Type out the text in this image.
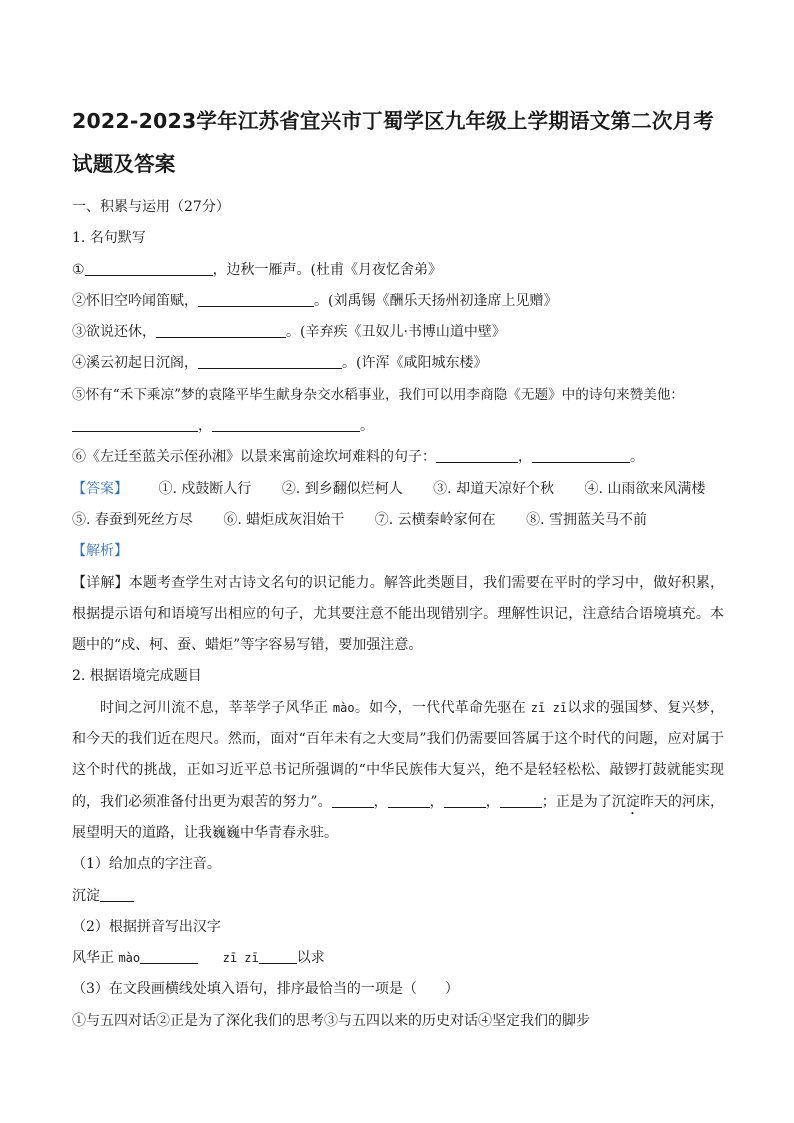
2022-2023学年江苏省宜兴市丁蜀学区九年级上学期语文第二次月考
试题及答案
一、积累与运用（27分）
1. 名句默写
①	，边秋一雁声。(杜甫《月夜忆舍弟》
②怀旧空吟闻笛赋，	。(刘禹锡《酬乐天扬州初逢席上见赠》
③欲说还休，	。(辛弃疾《丑奴儿·书博山道中壁》
④溪云初起日沉阁，	。(许浑《咸阳城东楼》
⑤怀有“禾下乘凉”梦的袁隆平毕生献身杂交水稻事业，我们可以用李商隐《无题》中的诗句来赞美他：
，	。
⑥《左迁至蓝关示侄孙湘》以景来寓前途坎坷难料的句子：	，	。
【答案】 ①. 戍鼓断人行 ②. 到乡翻似烂柯人 ③. 却道天凉好个秋 ④. 山雨欲来风满楼
⑤. 春蚕到死丝方尽 ⑥. 蜡炬成灰泪始干 ⑦. 云横秦岭家何在 ⑧. 雪拥蓝关马不前
【解析】
【详解】本题考查学生对古诗文名句的识记能力。解答此类题目，我们需要在平时的学习中，做好积累，根据提示语句和语境写出相应的句子，尤其要注意不能出现错别字。理解性识记，注意结合语境填充。本题中的“戍、柯、蚕、蜡炬”等字容易写错，要加强注意。
2. 根据语境完成题目
时间之河川流不息，莘莘学子风华正 mào。如今，一代代革命先驱在 zī zī以求的强国梦、复兴梦，和今天的我们近在咫尺。然而，面对“百年未有之大变局”我们仍需要回答属于这个时代的问题，应对属于这个时代的挑战，正如习近平总书记所强调的“中华民族伟大复兴，绝不是轻轻松松、敲锣打鼓就能实现的，我们必须准备付出更为艰苦的努力”。	，	，	，	；正是为了沉淀昨天的河床，展望明天的道路，让我巍巍中华青春永驻。
（1）给加点的字注音。
沉淀
（2）根据拼音写出汉字
风华正 mào	zī zī	以求
（3）在文段画横线处填入语句，排序最恰当的一项是（　　）
①与五四对话②正是为了深化我们的思考③与五四以来的历史对话④坚定我们的脚步
